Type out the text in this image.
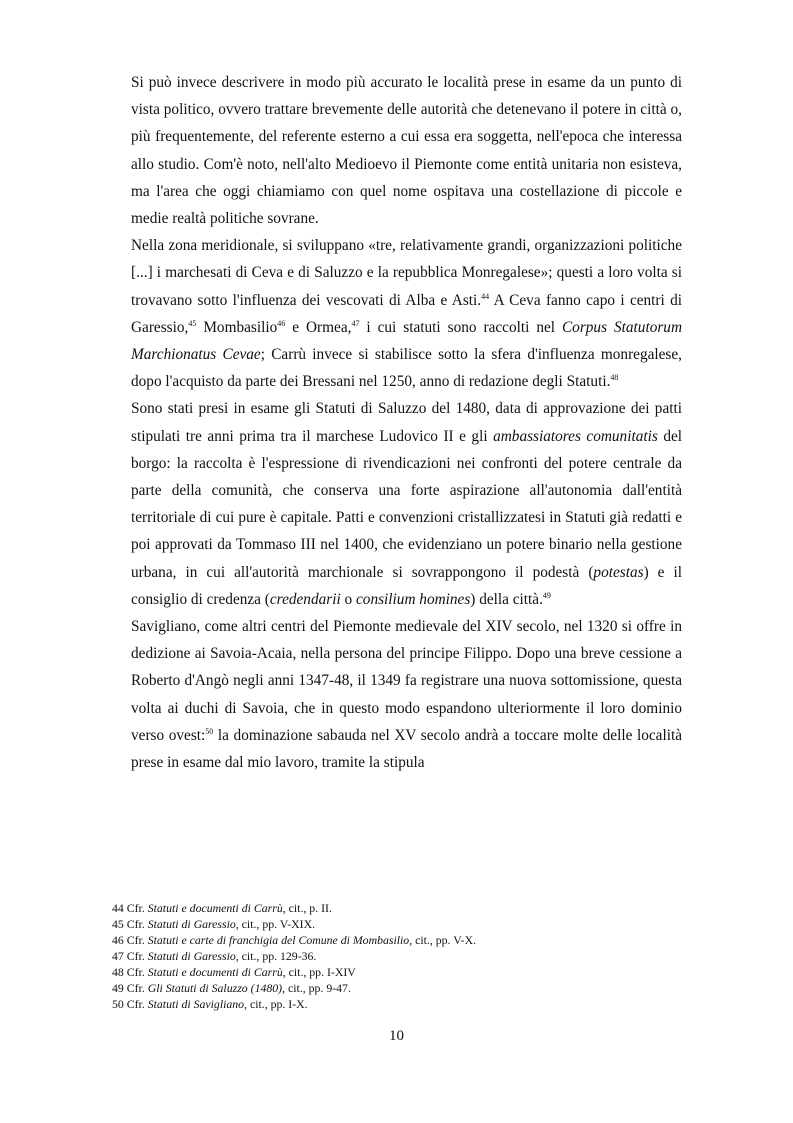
Si può invece descrivere in modo più accurato le località prese in esame da un punto di vista politico, ovvero trattare brevemente delle autorità che detenevano il potere in città o, più frequentemente, del referente esterno a cui essa era soggetta, nell'epoca che interessa allo studio. Com'è noto, nell'alto Medioevo il Piemonte come entità unitaria non esisteva, ma l'area che oggi chiamiamo con quel nome ospitava una costellazione di piccole e medie realtà politiche sovrane.

Nella zona meridionale, si sviluppano «tre, relativamente grandi, organizzazioni politiche [...] i marchesati di Ceva e di Saluzzo e la repubblica Monregalese»; questi a loro volta si trovavano sotto l'influenza dei vescovati di Alba e Asti.$^{44}$ A Ceva fanno capo i centri di Garessio,$^{45}$ Mombasilio$^{46}$ e Ormea,$^{47}$ i cui statuti sono raccolti nel Corpus Statutorum Marchionatus Cevae; Carrù invece si stabilisce sotto la sfera d'influenza monregalese, dopo l'acquisto da parte dei Bressani nel 1250, anno di redazione degli Statuti.$^{48}$

Sono stati presi in esame gli Statuti di Saluzzo del 1480, data di approvazione dei patti stipulati tre anni prima tra il marchese Ludovico II e gli ambassiatores comunitatis del borgo: la raccolta è l'espressione di rivendicazioni nei confronti del potere centrale da parte della comunità, che conserva una forte aspirazione all'autonomia dall'entità territoriale di cui pure è capitale. Patti e convenzioni cristallizzatesi in Statuti già redatti e poi approvati da Tommaso III nel 1400, che evidenziano un potere binario nella gestione urbana, in cui all'autorità marchionale si sovrappongono il podestà (potestas) e il consiglio di credenza (credendarii o consilium homines) della città.$^{49}$

Savigliano, come altri centri del Piemonte medievale del XIV secolo, nel 1320 si offre in dedizione ai Savoia-Acaia, nella persona del principe Filippo. Dopo una breve cessione a Roberto d'Angò negli anni 1347-48, il 1349 fa registrare una nuova sottomissione, questa volta ai duchi di Savoia, che in questo modo espandono ulteriormente il loro dominio verso ovest:$^{50}$ la dominazione sabauda nel XV secolo andrà a toccare molte delle località prese in esame dal mio lavoro, tramite la stipula

44 Cfr. Statuti e documenti di Carrù, cit., p. II.

45 Cfr. Statuti di Garessio, cit., pp. V-XIX.

46 Cfr. Statuti e carte di franchigia del Comune di Mombasilio, cit., pp. V-X.

47 Cfr. Statuti di Garessio, cit., pp. 129-36.

48 Cfr. Statuti e documenti di Carrù, cit., pp. I-XIV

49 Cfr. Gli Statuti di Saluzzo (1480), cit., pp. 9-47.

50 Cfr. Statuti di Savigliano, cit., pp. I-X.

10
